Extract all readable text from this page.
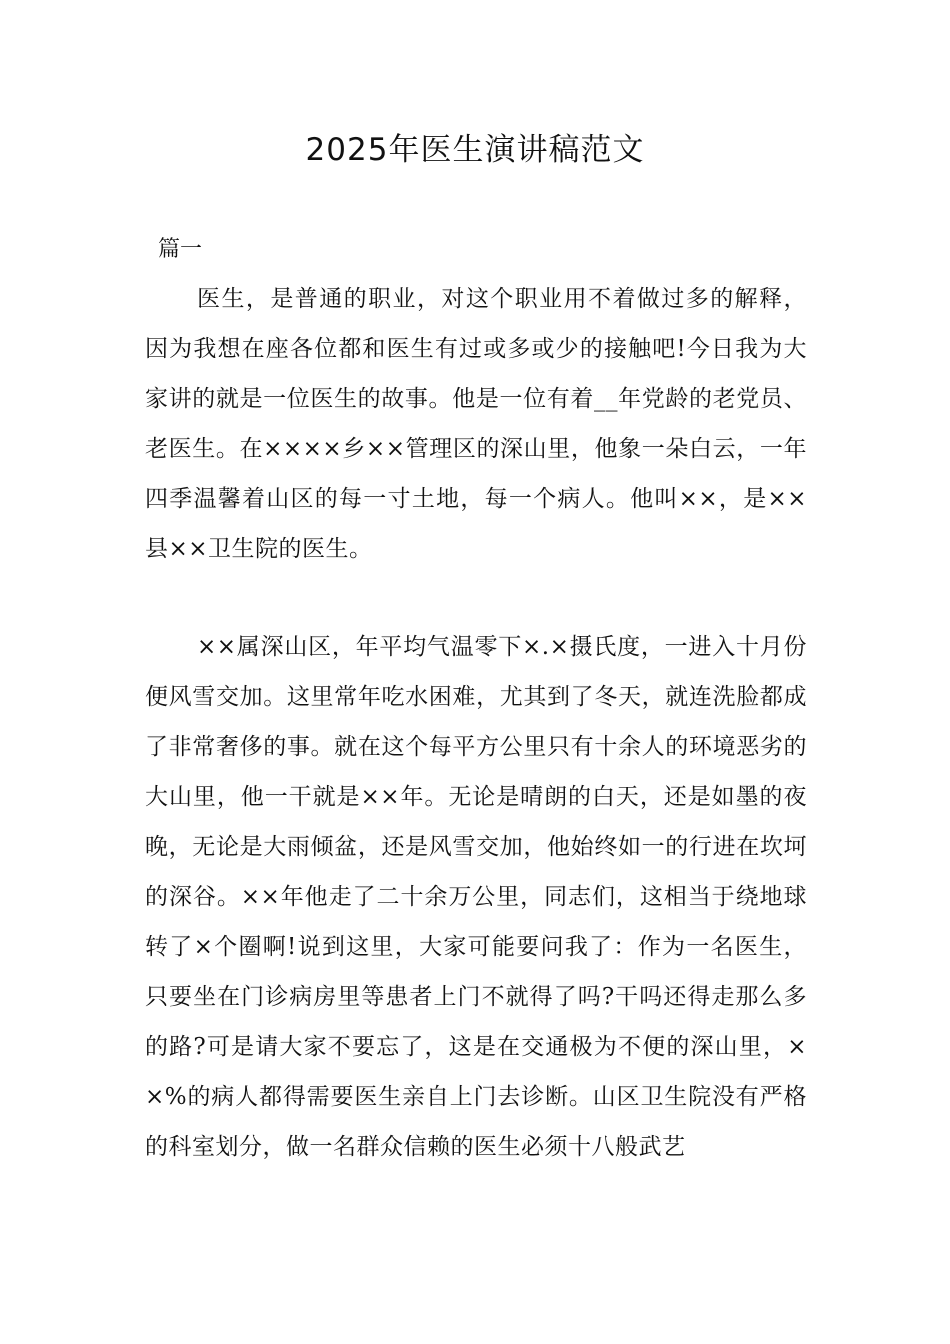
2025年医生演讲稿范文

篇一

医生，是普通的职业，对这个职业用不着做过多的解释，因为我想在座各位都和医生有过或多或少的接触吧!今日我为大家讲的就是一位医生的故事。他是一位有着__年党龄的老党员、老医生。在××××乡××管理区的深山里，他象一朵白云，一年四季温馨着山区的每一寸土地，每一个病人。他叫××，是××县××卫生院的医生。

××属深山区，年平均气温零下×.×摄氏度，一进入十月份便风雪交加。这里常年吃水困难，尤其到了冬天，就连洗脸都成了非常奢侈的事。就在这个每平方公里只有十余人的环境恶劣的大山里，他一干就是××年。无论是晴朗的白天，还是如墨的夜晚，无论是大雨倾盆，还是风雪交加，他始终如一的行进在坎坷的深谷。××年他走了二十余万公里，同志们，这相当于绕地球转了×个圈啊!说到这里，大家可能要问我了：作为一名医生，只要坐在门诊病房里等患者上门不就得了吗?干吗还得走那么多的路?可是请大家不要忘了，这是在交通极为不便的深山里，××%的病人都得需要医生亲自上门去诊断。山区卫生院没有严格的科室划分，做一名群众信赖的医生必须十八般武艺
